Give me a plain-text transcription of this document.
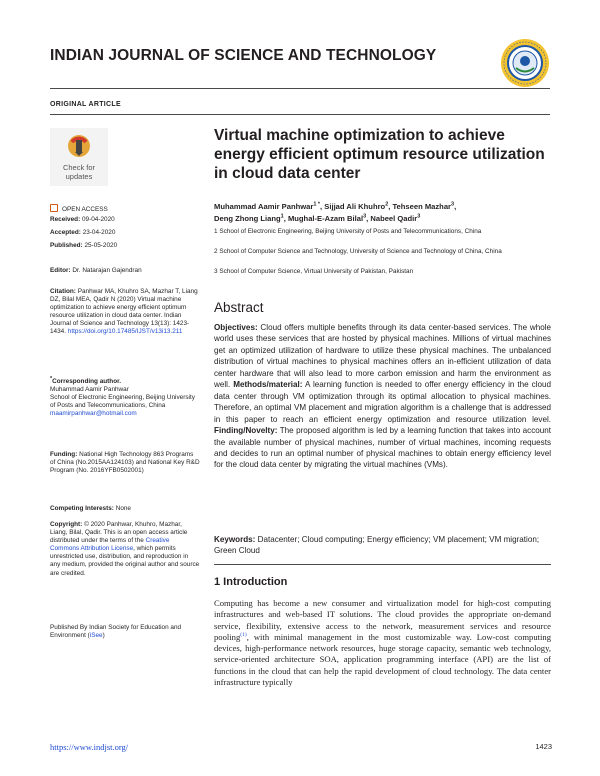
INDIAN JOURNAL OF SCIENCE AND TECHNOLOGY
ORIGINAL ARTICLE
Check for
updates
OPEN ACCESS
Received: 09-04-2020
Accepted: 23-04-2020
Published: 25-05-2020
Editor: Dr. Natarajan Gajendran
Citation: Panhwar MA, Khuhro SA, Mazhar T, Liang DZ, Bilal MEA, Qadir N (2020) Virtual machine optimization to achieve energy efficient optimum resource utilization in cloud data center. Indian Journal of Science and Technology 13(13): 1423-1434. https://doi.org/10.17485/IJST/v13i13.211
*Corresponding author.
Muhammad Aamir Panhwar
School of Electronic Engineering, Beijing University of Posts and Telecommunications, China
maamirpanhwar@hotmail.com
Funding: National High Technology 863 Programs of China (No.2015AA124103) and National Key R&D Program (No. 2016YFB0502001)
Competing Interests: None
Copyright: © 2020 Panhwar, Khuhro, Mazhar, Liang, Bilal, Qadir. This is an open access article distributed under the terms of the Creative Commons Attribution License, which permits unrestricted use, distribution, and reproduction in any medium, provided the original author and source are credited.
Published By Indian Society for Education and Environment (iSee)
Virtual machine optimization to achieve energy efficient optimum resource utilization in cloud data center
Muhammad Aamir Panhwar$^{1 *}$, Sijjad Ali Khuhro$^2$, Tehseen Mazhar$^3$,
Deng Zhong Liang$^1$, Mughal-E-Azam Bilal$^3$, Nabeel Qadir$^3$
1 School of Electronic Engineering, Beijing University of Posts and Telecommunications, China
2 School of Computer Science and Technology, University of Science and Technology of China, China
3 School of Computer Science, Virtual University of Pakistan, Pakistan
Abstract
Objectives: Cloud offers multiple benefits through its data center-based services. The whole world uses these services that are hosted by physical machines. Millions of virtual machines get an optimized utilization of hardware to utilize these physical machines. The unbalanced distribution of virtual machines to physical machines offers an in-efficient utilization of data center hardware that will also lead to more carbon emission and harm the environment as well. Methods/material: A learning function is needed to offer energy efficiency in the cloud data center through VM optimization through its optimal allocation to physical machines. Therefore, an optimal VM placement and migration algorithm is a challenge that is addressed in this paper to reach an efficient energy optimization and resource utilization level. Finding/Novelty: The proposed algorithm is led by a learning function that takes into account the available number of physical machines, number of virtual machines, incoming requests and decides to run an optimal number of physical machines to obtain energy efficiency level for the cloud data center by migrating the virtual machines (VMs).
Keywords: Datacenter; Cloud computing; Energy efficiency; VM placement; VM migration; Green Cloud
1 Introduction
Computing has become a new consumer and virtualization model for high-cost computing infrastructures and web-based IT solutions. The cloud provides the appropriate on-demand service, flexibility, extensive access to the network, measurement services and resource pooling$^{(1)}$, with minimal management in the most customizable way. Low-cost computing devices, high-performance network resources, huge storage capacity, semantic web technology, service-oriented architecture SOA, application programming interface (API) are the list of functions in the cloud that can help the rapid development of cloud technology. The data center infrastructure typically
https://www.indjst.org/	1423
